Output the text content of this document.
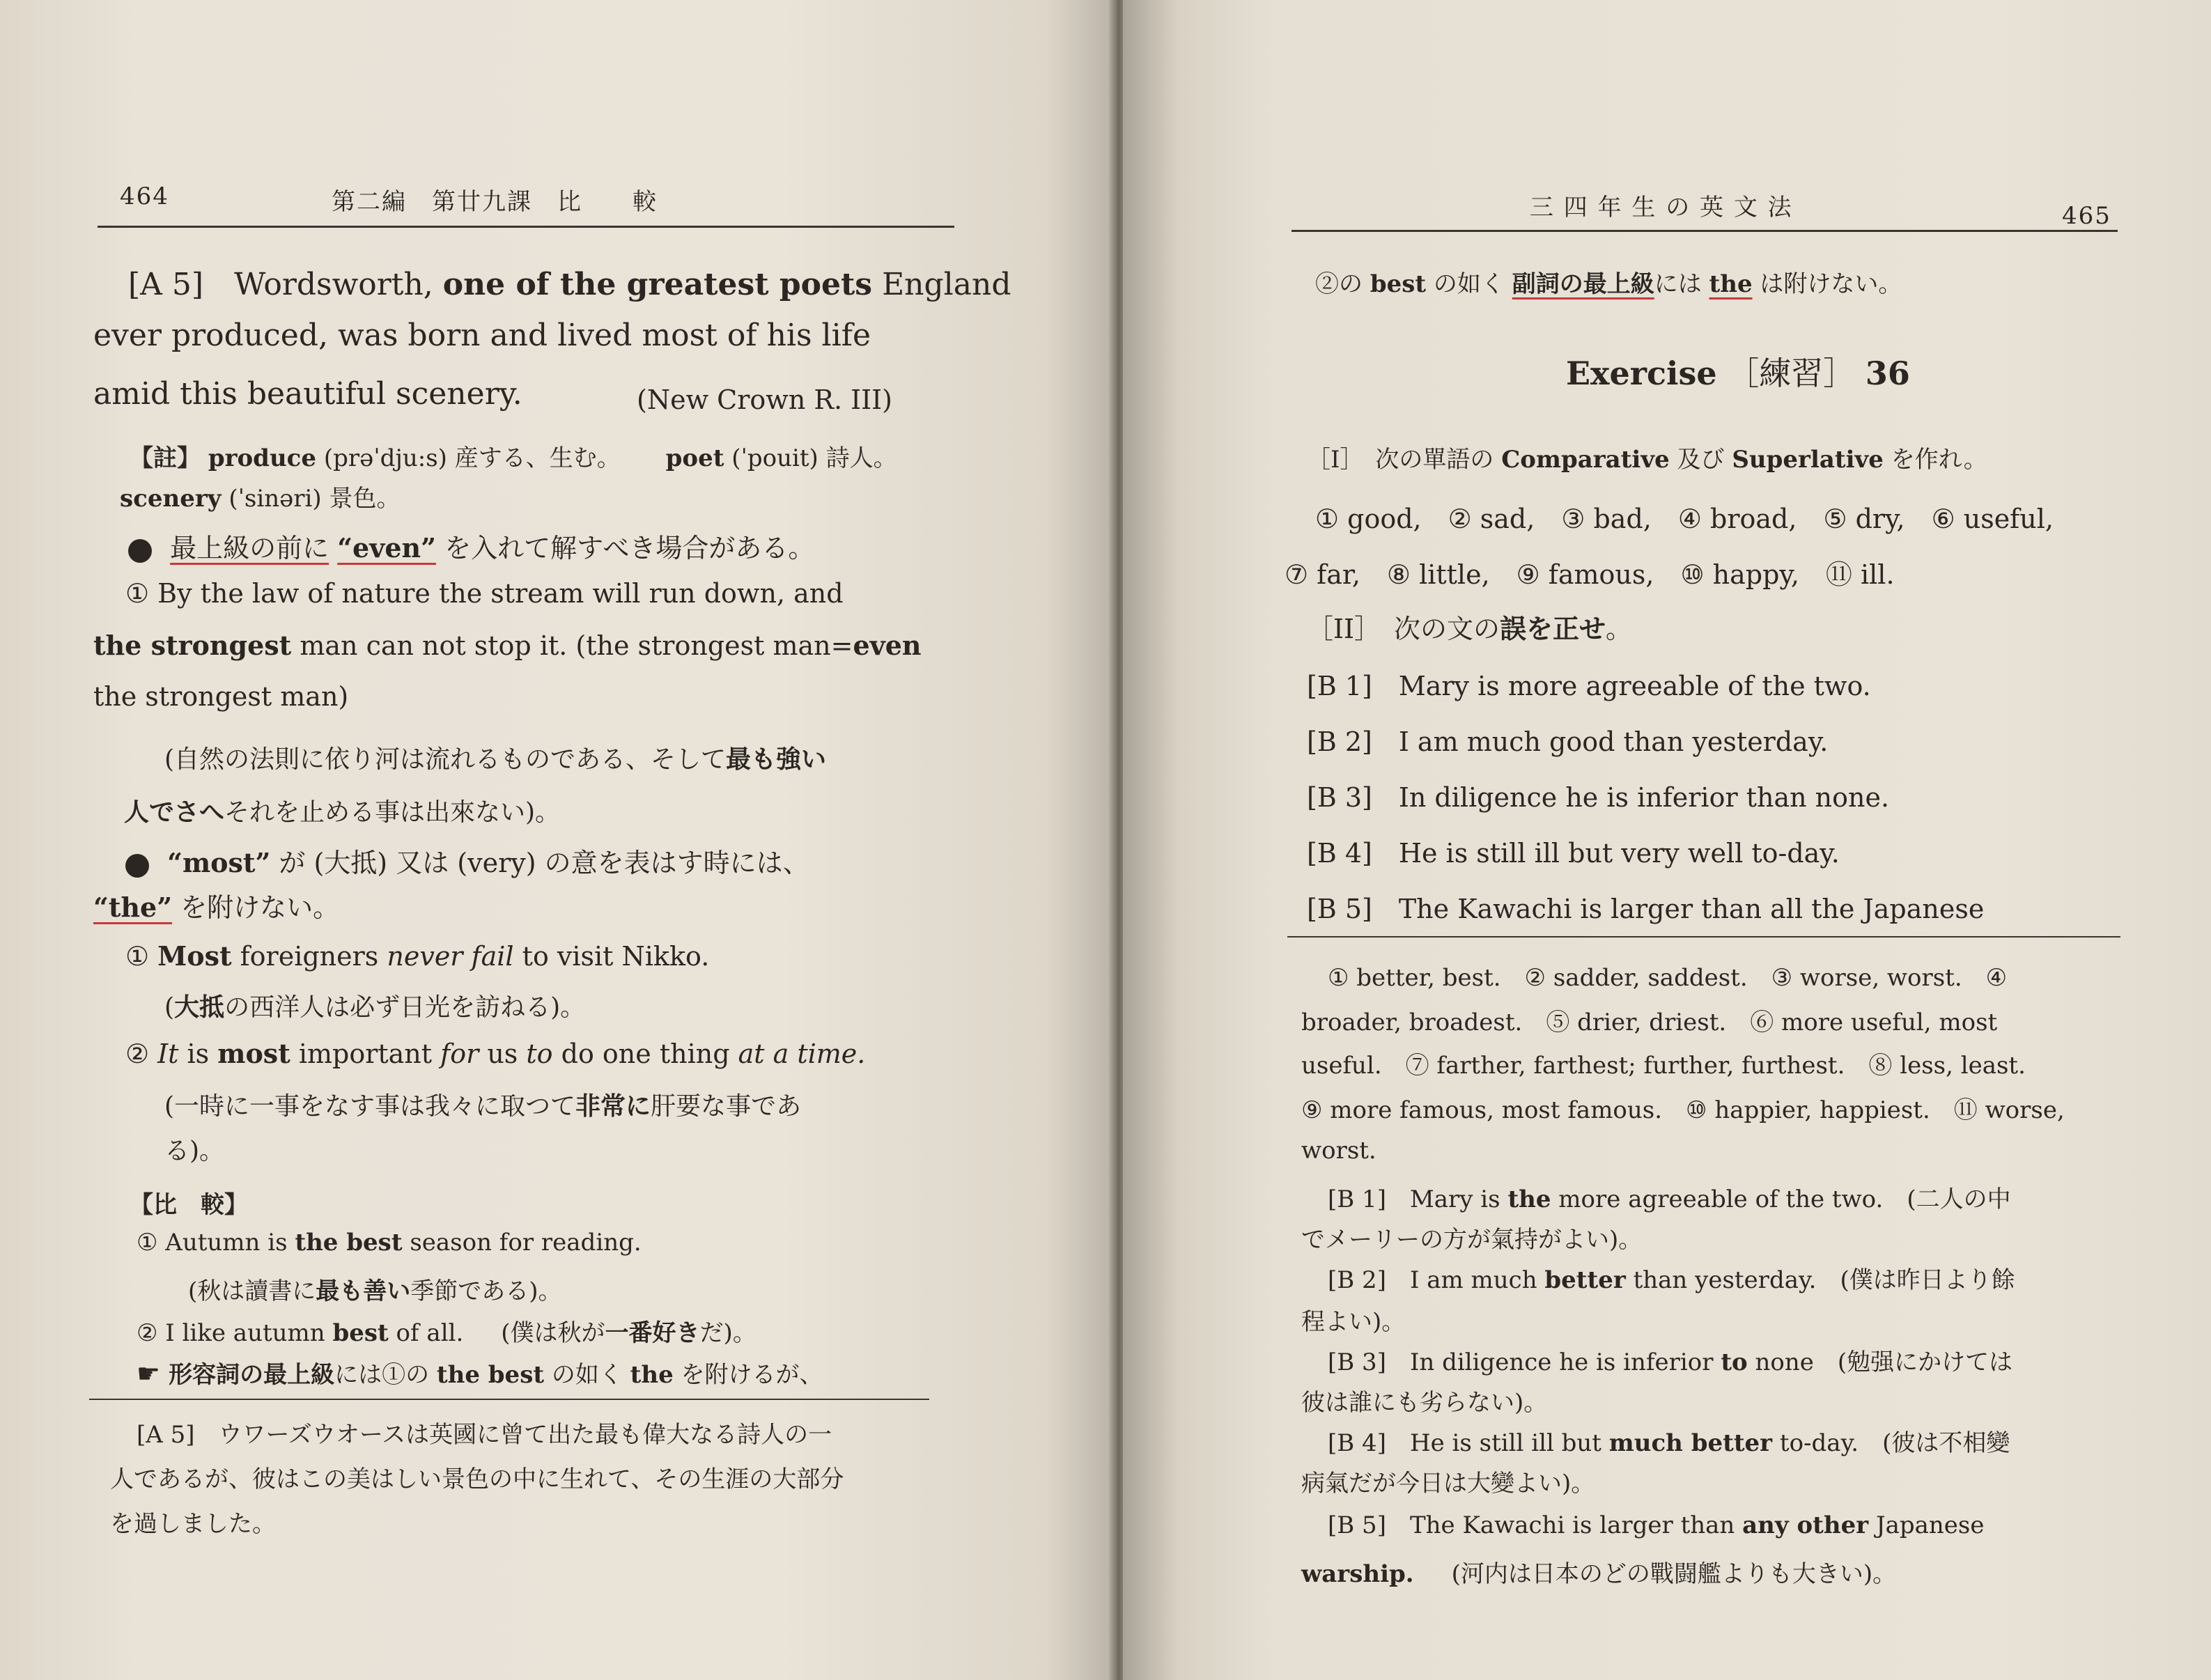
464	第二編　第廿九課　比　　較
[A 5]　Wordsworth, one of the greatest poets England
ever produced, was born and lived most of his life
amid this beautiful scenery.	(New Crown R. III)
【註】 produce (prəˈdju:s) 産する、生む。 poet (ˈpouit) 詩人。
scenery (ˈsinəri) 景色。
最上級の前に “even” を入れて解すべき場合がある。
① By the law of nature the stream will run down, and
the strongest man can not stop it. (the strongest man=even
the strongest man)
(自然の法則に依り河は流れるものである、そして最も強い
人でさへそれを止める事は出來ない)。
“most” が (大抵) 又は (very) の意を表はす時には、
“the” を附けない。
① Most foreigners never fail to visit Nikko.
(大抵の西洋人は必ず日光を訪ねる)。
② It is most important for us to do one thing at a time.
(一時に一事をなす事は我々に取つて非常に肝要な事であ
る)。
【比　較】
① Autumn is the best season for reading.
(秋は讀書に最も善い季節である)。
② I like autumn best of all. (僕は秋が一番好きだ)。
☛ 形容詞の最上級には①の the best の如く the を附けるが、
[A 5]　ウワーズウオースは英國に曾て出た最も偉大なる詩人の一
人であるが、彼はこの美はしい景色の中に生れて、その生涯の大部分
を過しました。
三 四 年 生 の 英 文 法	465
②の best の如く 副詞の最上級には the は附けない。
Exercise ［練習］ 36
［I］　次の單語の Comparative 及び Superlative を作れ。
① good,　② sad,　③ bad,　④ broad,　⑤ dry,　⑥ useful,
⑦ far,　⑧ little,　⑨ famous,　⑩ happy,　⑪ ill.
［II］　次の文の誤を正せ。
[B 1]　Mary is more agreeable of the two.
[B 2]　I am much good than yesterday.
[B 3]　In diligence he is inferior than none.
[B 4]　He is still ill but very well to-day.
[B 5]　The Kawachi is larger than all the Japanese
① better, best.　② sadder, saddest.　③ worse, worst.　④
broader, broadest.　⑤ drier, driest.　⑥ more useful, most
useful.　⑦ farther, farthest; further, furthest.　⑧ less, least.
⑨ more famous, most famous.　⑩ happier, happiest.　⑪ worse,
worst.
[B 1]　Mary is the more agreeable of the two.　(二人の中
でメーリーの方が氣持がよい)。
[B 2]　I am much better than yesterday.　(僕は昨日より餘
程よい)。
[B 3]　In diligence he is inferior to none　(勉强にかけては
彼は誰にも劣らない)。
[B 4]　He is still ill but much better to-day.　(彼は不相變
病氣だが今日は大變よい)。
[B 5]　The Kawachi is larger than any other Japanese
warship. (河内は日本のどの戰闘艦よりも大きい)。
